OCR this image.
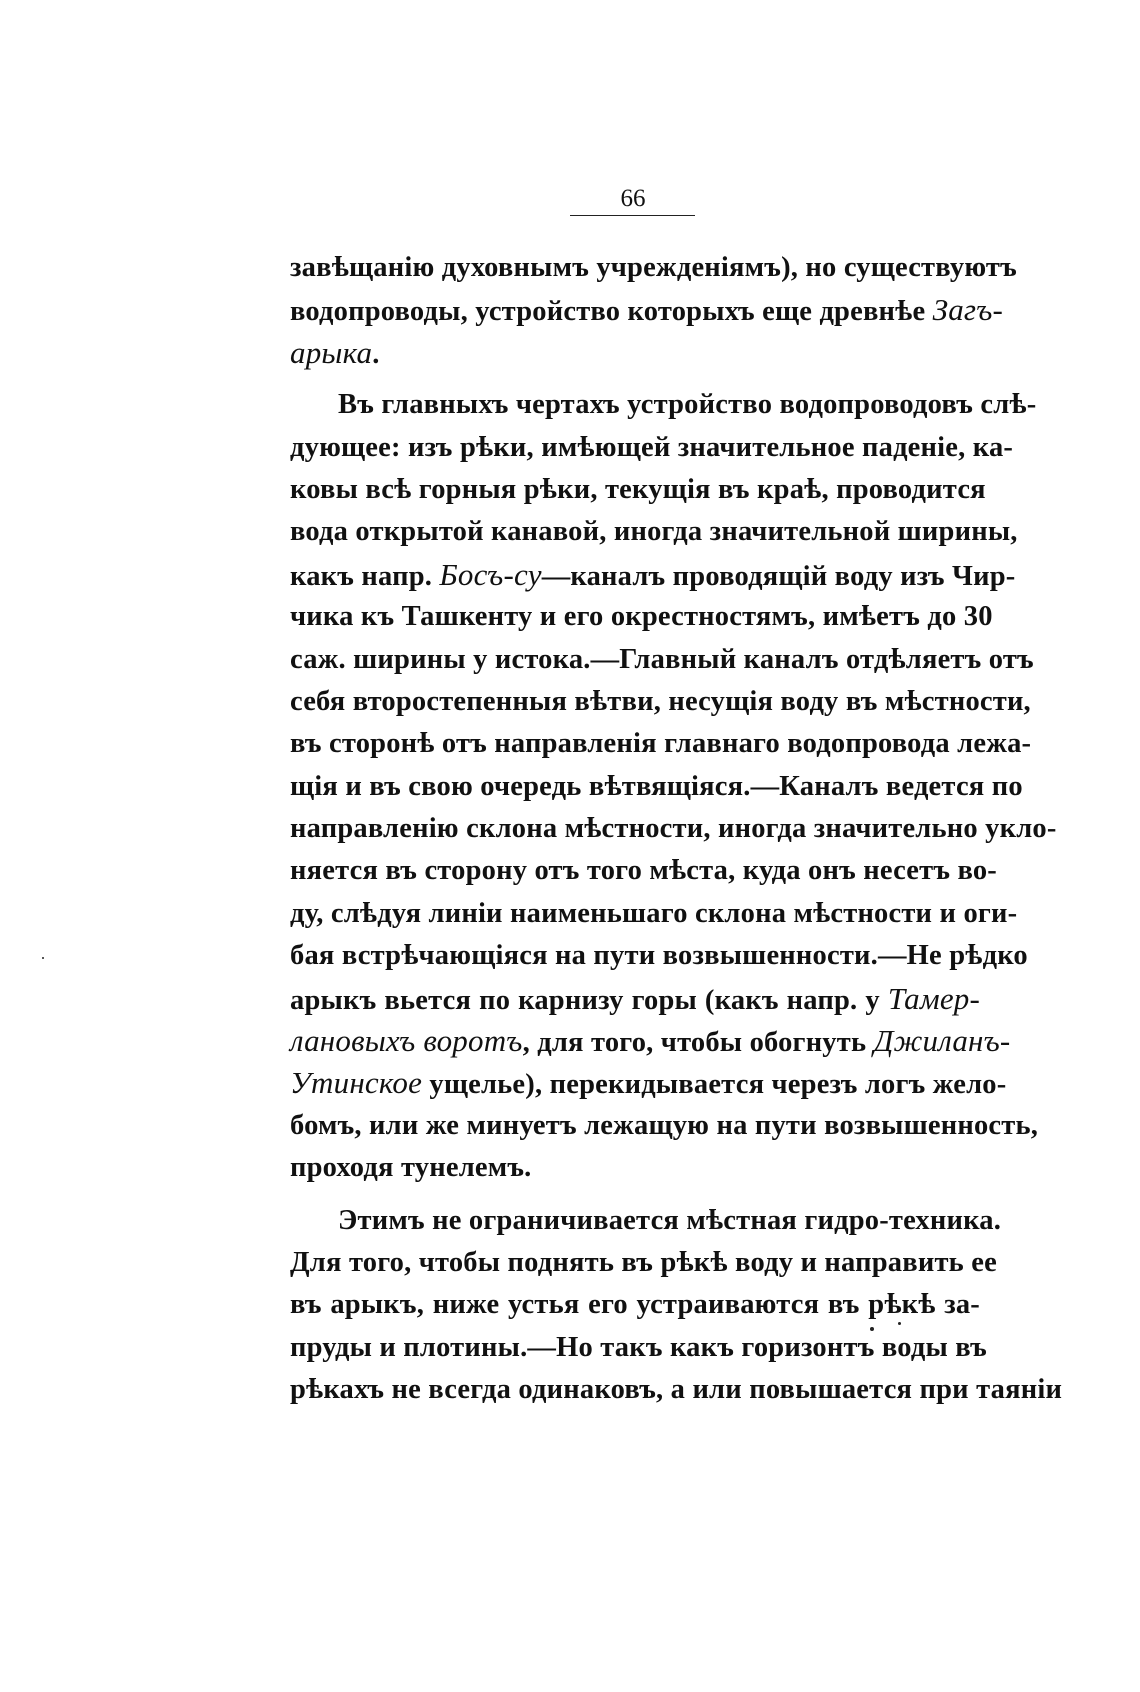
66
завѣщанію духовнымъ учрежденіямъ), но существуютъ
водопроводы, устройство которыхъ еще древнѣе Загъ-
арыка.
Въ главныхъ чертахъ устройство водопроводовъ слѣ-
дующее: изъ рѣки, имѣющей значительное паденіе, ка-
ковы всѣ горныя рѣки, текущія въ краѣ, проводится
вода открытой канавой, иногда значительной ширины,
какъ напр. Босъ-су—каналъ проводящій воду изъ Чир-
чика къ Ташкенту и его окрестностямъ, имѣетъ до 30
саж. ширины у истока.—Главный каналъ отдѣляетъ отъ
себя второстепенныя вѣтви, несущія воду въ мѣстности,
въ сторонѣ отъ направленія главнаго водопровода лежа-
щія и въ свою очередь вѣтвящіяся.—Каналъ ведется по
направленію склона мѣстности, иногда значительно укло-
няется въ сторону отъ того мѣста, куда онъ несетъ во-
ду, слѣдуя линіи наименьшаго склона мѣстности и оги-
бая встрѣчающіяся на пути возвышенности.—Не рѣдко
арыкъ вьется по карнизу горы (какъ напр. у Тамер-
лановыхъ воротъ, для того, чтобы обогнуть Джиланъ-
Утинское ущелье), перекидывается черезъ логъ жело-
бомъ, или же минуетъ лежащую на пути возвышенность,
проходя тунелемъ.
Этимъ не ограничивается мѣстная гидро-техника.
Для того, чтобы поднять въ рѣкѣ воду и направить ее
въ арыкъ, ниже устья его устраиваются въ рѣкѣ за-
пруды и плотины.—Но такъ какъ горизонтъ воды въ
рѣкахъ не всегда одинаковъ, а или повышается при таяніи
